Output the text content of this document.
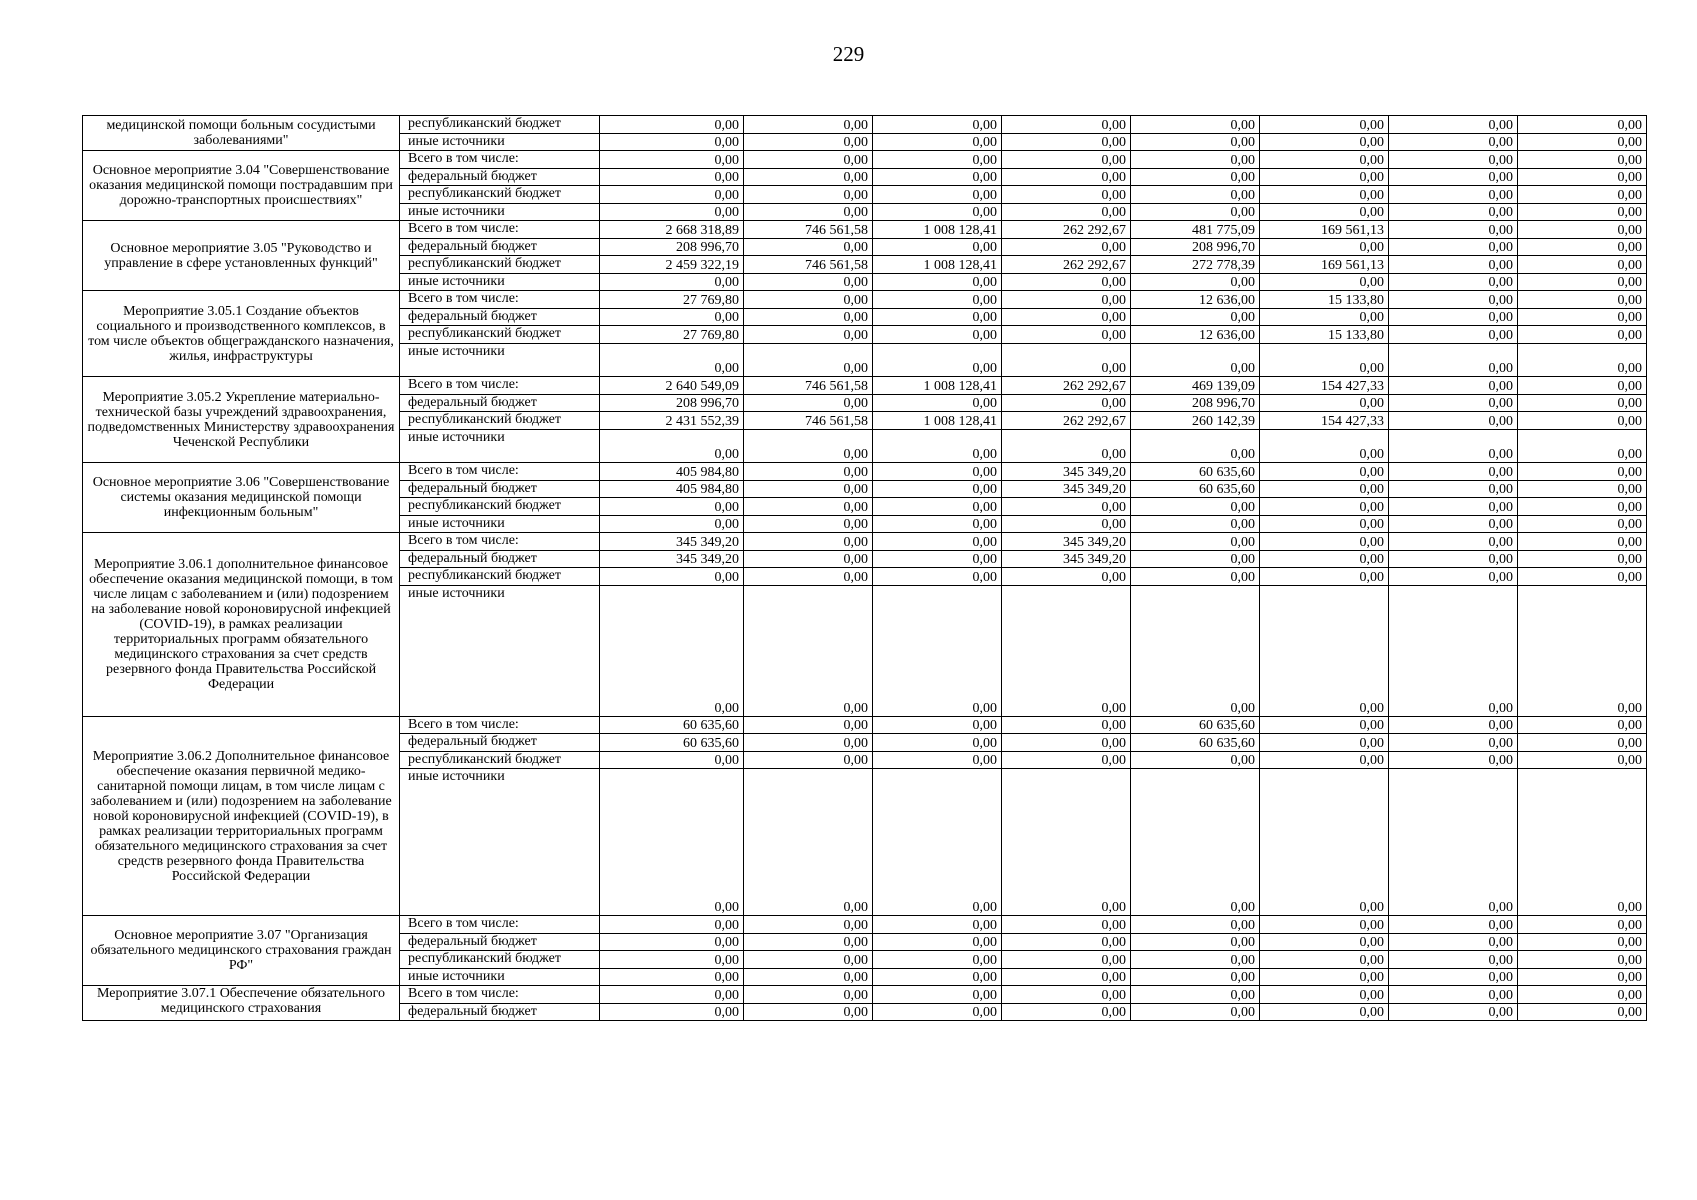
229
медицинской помощи больным сосудистыми заболеваниями"	республиканский бюджет	0,00	0,00	0,00	0,00	0,00	0,00	0,00	0,00
	иные источники	0,00	0,00	0,00	0,00	0,00	0,00	0,00	0,00
Основное мероприятие 3.04 "Совершенствование оказания медицинской помощи пострадавшим при дорожно-транспортных происшествиях"	Всего в том числе:	0,00	0,00	0,00	0,00	0,00	0,00	0,00	0,00
	федеральный бюджет	0,00	0,00	0,00	0,00	0,00	0,00	0,00	0,00
	республиканский бюджет	0,00	0,00	0,00	0,00	0,00	0,00	0,00	0,00
	иные источники	0,00	0,00	0,00	0,00	0,00	0,00	0,00	0,00
Основное мероприятие 3.05 "Руководство и управление в сфере установленных функций"	Всего в том числе:	2 668 318,89	746 561,58	1 008 128,41	262 292,67	481 775,09	169 561,13	0,00	0,00
	федеральный бюджет	208 996,70	0,00	0,00	0,00	208 996,70	0,00	0,00	0,00
	республиканский бюджет	2 459 322,19	746 561,58	1 008 128,41	262 292,67	272 778,39	169 561,13	0,00	0,00
	иные источники	0,00	0,00	0,00	0,00	0,00	0,00	0,00	0,00
Мероприятие 3.05.1 Создание объектов социального и производственного комплексов, в том числе объектов общегражданского назначения, жилья, инфраструктуры	Всего в том числе:	27 769,80	0,00	0,00	0,00	12 636,00	15 133,80	0,00	0,00
	федеральный бюджет	0,00	0,00	0,00	0,00	0,00	0,00	0,00	0,00
	республиканский бюджет	27 769,80	0,00	0,00	0,00	12 636,00	15 133,80	0,00	0,00
	иные источники	0,00	0,00	0,00	0,00	0,00	0,00	0,00	0,00
Мероприятие 3.05.2 Укрепление материально-технической базы учреждений здравоохранения, подведомственных Министерству здравоохранения Чеченской Республики	Всего в том числе:	2 640 549,09	746 561,58	1 008 128,41	262 292,67	469 139,09	154 427,33	0,00	0,00
	федеральный бюджет	208 996,70	0,00	0,00	0,00	208 996,70	0,00	0,00	0,00
	республиканский бюджет	2 431 552,39	746 561,58	1 008 128,41	262 292,67	260 142,39	154 427,33	0,00	0,00
	иные источники	0,00	0,00	0,00	0,00	0,00	0,00	0,00	0,00
Основное мероприятие 3.06 "Совершенствование системы оказания медицинской помощи инфекционным больным"	Всего в том числе:	405 984,80	0,00	0,00	345 349,20	60 635,60	0,00	0,00	0,00
	федеральный бюджет	405 984,80	0,00	0,00	345 349,20	60 635,60	0,00	0,00	0,00
	республиканский бюджет	0,00	0,00	0,00	0,00	0,00	0,00	0,00	0,00
	иные источники	0,00	0,00	0,00	0,00	0,00	0,00	0,00	0,00
Мероприятие 3.06.1 дополнительное финансовое обеспечение оказания медицинской помощи, в том числе лицам с заболеванием и (или) подозрением на заболевание новой короновирусной инфекцией (COVID-19), в рамках реализации территориальных программ обязательного медицинского страхования за счет средств резервного фонда Правительства Российской Федерации	Всего в том числе:	345 349,20	0,00	0,00	345 349,20	0,00	0,00	0,00	0,00
	федеральный бюджет	345 349,20	0,00	0,00	345 349,20	0,00	0,00	0,00	0,00
	республиканский бюджет	0,00	0,00	0,00	0,00	0,00	0,00	0,00	0,00
	иные источники	0,00	0,00	0,00	0,00	0,00	0,00	0,00	0,00
Мероприятие 3.06.2 Дополнительное финансовое обеспечение оказания первичной медико-санитарной помощи лицам, в том числе лицам с заболеванием и (или) подозрением на заболевание новой короновирусной инфекцией (COVID-19), в рамках реализации территориальных программ обязательного медицинского страхования за счет средств резервного фонда Правительства Российской Федерации	Всего в том числе:	60 635,60	0,00	0,00	0,00	60 635,60	0,00	0,00	0,00
	федеральный бюджет	60 635,60	0,00	0,00	0,00	60 635,60	0,00	0,00	0,00
	республиканский бюджет	0,00	0,00	0,00	0,00	0,00	0,00	0,00	0,00
	иные источники	0,00	0,00	0,00	0,00	0,00	0,00	0,00	0,00
Основное мероприятие 3.07 "Организация обязательного медицинского страхования граждан РФ"	Всего в том числе:	0,00	0,00	0,00	0,00	0,00	0,00	0,00	0,00
	федеральный бюджет	0,00	0,00	0,00	0,00	0,00	0,00	0,00	0,00
	республиканский бюджет	0,00	0,00	0,00	0,00	0,00	0,00	0,00	0,00
	иные источники	0,00	0,00	0,00	0,00	0,00	0,00	0,00	0,00
Мероприятие 3.07.1 Обеспечение обязательного медицинского страхования	Всего в том числе:	0,00	0,00	0,00	0,00	0,00	0,00	0,00	0,00
	федеральный бюджет	0,00	0,00	0,00	0,00	0,00	0,00	0,00	0,00
